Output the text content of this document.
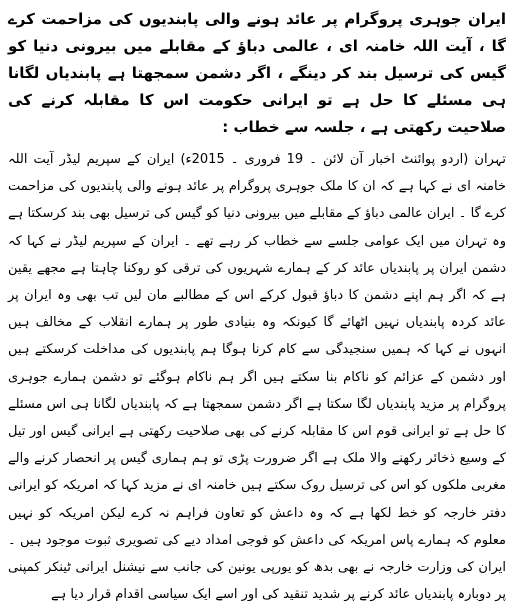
ایران جوہری پروگرام پر عائد ہونے والی پابندیوں کی مزاحمت کرے گا ، آیت اللہ خامنہ ای ، عالمی دباؤ کے مقابلے میں بیرونی دنیا کو گیس کی ترسیل بند کر دینگے ، اگر دشمن سمجھتا ہے پابندیاں لگانا ہی مسئلے کا حل ہے تو ایرانی حکومت اس کا مقابلہ کرنے کی صلاحیت رکھتی ہے ، جلسہ سے خطاب :

تہران (اردو پوائنٹ اخبار آن لائن ۔ 19 فروری ۔ 2015ء) ایران کے سپریم لیڈر آیت اللہ خامنہ ای نے کہا ہے کہ ان کا ملک جوہری پروگرام پر عائد ہونے والی پابندیوں کی مزاحمت کرے گا ۔ ایران عالمی دباؤ کے مقابلے میں بیرونی دنیا کو گیس کی ترسیل بھی بند کرسکتا ہے وہ تہران میں ایک عوامی جلسے سے خطاب کر رہے تھے ۔ ایران کے سپریم لیڈر نے کہا کہ دشمن ایران پر پابندیاں عائد کر کے ہمارے شہریوں کی ترقی کو روکنا چاہتا ہے مجھے یقین ہے کہ اگر ہم اپنے دشمن کا دباؤ قبول کرکے اس کے مطالبے مان لیں تب بھی وہ ایران پر عائد کردہ پابندیاں نہیں اٹھائے گا کیونکہ وہ بنیادی طور پر ہمارے انقلاب کے مخالف ہیں انہوں نے کہا کہ ہمیں سنجیدگی سے کام کرنا ہوگا ہم پابندیوں کی مداخلت کرسکتے ہیں اور دشمن کے عزائم کو ناکام بنا سکتے ہیں اگر ہم ناکام ہوگئے تو دشمن ہمارے جوہری پروگرام پر مزید پابندیاں لگا سکتا ہے اگر دشمن سمجھتا ہے کہ پابندیاں لگانا ہی اس مسئلے کا حل ہے تو ایرانی قوم اس کا مقابلہ کرنے کی بھی صلاحیت رکھتی ہے ایرانی گیس اور تیل کے وسیع ذخائر رکھنے والا ملک ہے اگر ضرورت پڑی تو ہم ہماری گیس پر انحصار کرنے والے مغربی ملکوں کو اس کی ترسیل روک سکتے ہیں خامنہ ای نے مزید کہا کہ امریکہ کو ایرانی دفتر خارجہ کو خط لکھا ہے کہ وہ داعش کو تعاون فراہم نہ کرے لیکن امریکہ کو نہیں معلوم کہ ہمارے پاس امریکہ کی داعش کو فوجی امداد دیے کی تصویری ثبوت موجود ہیں ۔ ایران کی وزارت خارجہ نے بھی بدھ کو یورپی یونین کی جانب سے نیشنل ایرانی ٹینکر کمپنی پر دوبارہ پابندیاں عائد کرنے پر شدید تنقید کی اور اسے ایک سیاسی اقدام قرار دیا ہے
